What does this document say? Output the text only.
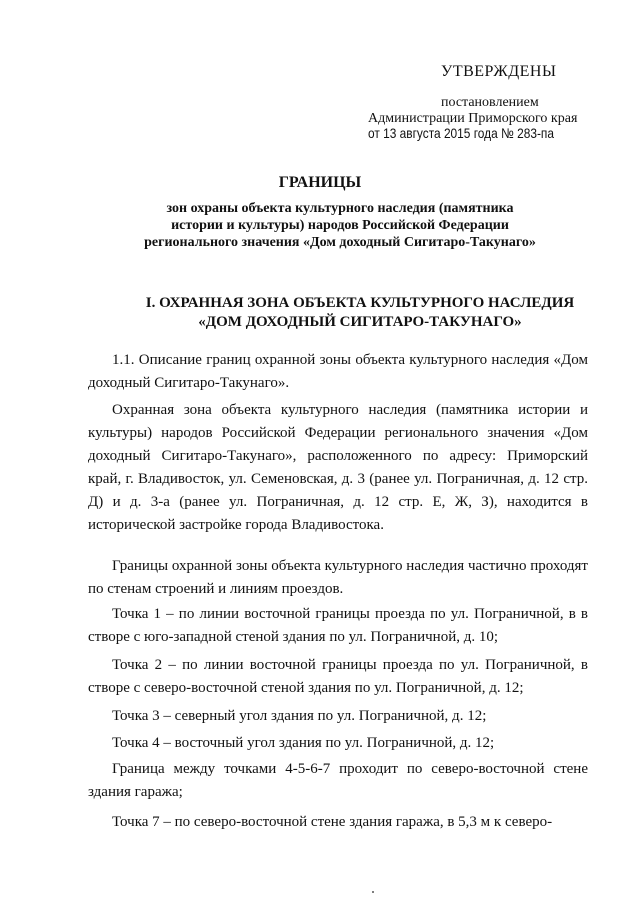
УТВЕРЖДЕНЫ
постановлением
Администрации Приморского края
от 13 августа 2015 года № 283-па
ГРАНИЦЫ
зон охраны объекта культурного наследия (памятника истории и культуры) народов Российской Федерации регионального значения «Дом доходный Сигитаро-Такунаго»
I. ОХРАННАЯ ЗОНА ОБЪЕКТА КУЛЬТУРНОГО НАСЛЕДИЯ «ДОМ ДОХОДНЫЙ СИГИТАРО-ТАКУНАГО»
1.1. Описание границ охранной зоны объекта культурного наследия «Дом доходный Сигитаро-Такунаго».
Охранная зона объекта культурного наследия (памятника истории и культуры) народов Российской Федерации регионального значения «Дом доходный Сигитаро-Такунаго», расположенного по адресу: Приморский край, г. Владивосток, ул. Семеновская, д. 3 (ранее ул. Пограничная, д. 12 стр. Д) и д. 3-а (ранее ул. Пограничная, д. 12 стр. Е, Ж, З), находится в исторической застройке города Владивостока.
Границы охранной зоны объекта культурного наследия частично проходят по стенам строений и линиям проездов.
Точка 1 – по линии восточной границы проезда по ул. Пограничной, в в створе с юго-западной стеной здания по ул. Пограничной, д. 10;
Точка 2 – по линии восточной границы проезда по ул. Пограничной, в створе с северо-восточной стеной здания по ул. Пограничной, д. 12;
Точка 3 – северный угол здания по ул. Пограничной, д. 12;
Точка 4 – восточный угол здания по ул. Пограничной, д. 12;
Граница между точками 4-5-6-7 проходит по северо-восточной стене здания гаража;
Точка 7 – по северо-восточной стене здания гаража, в 5,3 м к северо-
